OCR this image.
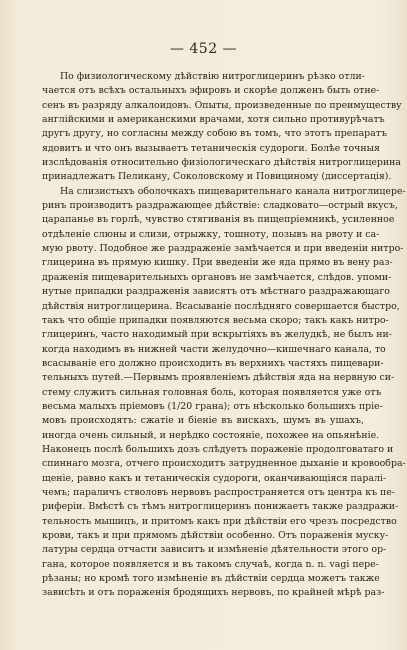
— 452 —
По физиологическому дѣйствiю нитроглицеринъ рѣзко отли-
чается отъ всѣхъ остальныхъ эфировъ и скорѣе долженъ быть отне-
сенъ въ разряду алкалоидовъ. Опыты, произведенные по преимуществу
англiйскими и американскими врачами, хотя сильно противурѣчатъ
другъ другу, но согласны между собою въ томъ, что этотъ препаратъ
ядовитъ и что онъ вызываетъ тетаническiя судороги. Болѣе точныя
изслѣдованiя относительно физiологическаго дѣйствiя нитроглицерина
принадлежатъ Пеликану, Соколовскому и Повициному (диссертацiя).
На слизистыхъ оболочкахъ пищеварительнаго канала нитроглицере-
ринъ производитъ раздражающее дѣйствiе: сладковато—острый вкусъ,
царапанье въ горлѣ, чувство стягиванiя въ пищепрiемникѣ, усиленное
отдѣленiе слюны и слизи, отрыжку, тошноту, позывъ на рвоту и са-
мую рвоту. Подобное же раздраженiе замѣчается и при введенiи нитро-
глицерина въ прямую кишку. При введенiи же яда прямо въ вену раз-
драженiя пищеварительныхъ органовъ не замѣчается, слѣдов. упоми-
нутые припадки раздраженiя зависятъ отъ мѣстнаго раздражающаго
дѣйствiя нитроглицерина. Всасыванiе послѣдняго совершается быстро,
такъ что общiе припадки появляются весьма скоро; такъ какъ нитро-
глицеринъ, часто находимый при вскрытiяхъ въ желудкѣ, не былъ ни-
когда находимъ въ нижней части желудочно—кишечнаго канала, то
всасыванiе его должно происходить въ верхнихъ частяхъ пищевари-
тельныхъ путей.—Первымъ проявленiемъ дѣйствiя яда на нервную си-
стему служитъ сильная головная боль, которая появляется уже отъ
весьма малыхъ прiемовъ (1/20 грана); отъ нѣсколько большихъ прiе-
мовъ происходятъ: сжатiе и бiенiе въ вискахъ, шумъ въ ушахъ,
иногда очень сильный, и нерѣдко состоянiе, похожее на опьянѣнiе.
Наконецъ послѣ большихъ дозъ слѣдуетъ пораженiе продолговатаго и
спиннаго мозга, отчего происходитъ затрудненное дыханiе и кровообра-
щенiе, равно какъ и тетаническiя судороги, оканчивающiяся паралi-
чемъ; параличъ стволовъ нервовъ распространяется отъ центра къ пе-
риферiи. Вмѣстѣ съ тѣмъ нитроглицеринъ понижаетъ также раздражи-
тельность мышицъ, и притомъ какъ при дѣйствiи его чрезъ посредство
крови, такъ и при прямомъ дѣйствiи особенно. Отъ пораженiя муску-
латуры сердца отчасти зависитъ и измѣненiе дѣятельности этого ор-
гана, которое появляется и въ такомъ случаѣ, когда n. n. vagi пере-
рѣзаны; но кромѣ того измѣненiе въ дѣйствiи сердца можетъ также
зависѣть и отъ пораженiя бродящихъ нервовъ, по крайней мѣрѣ раз-
